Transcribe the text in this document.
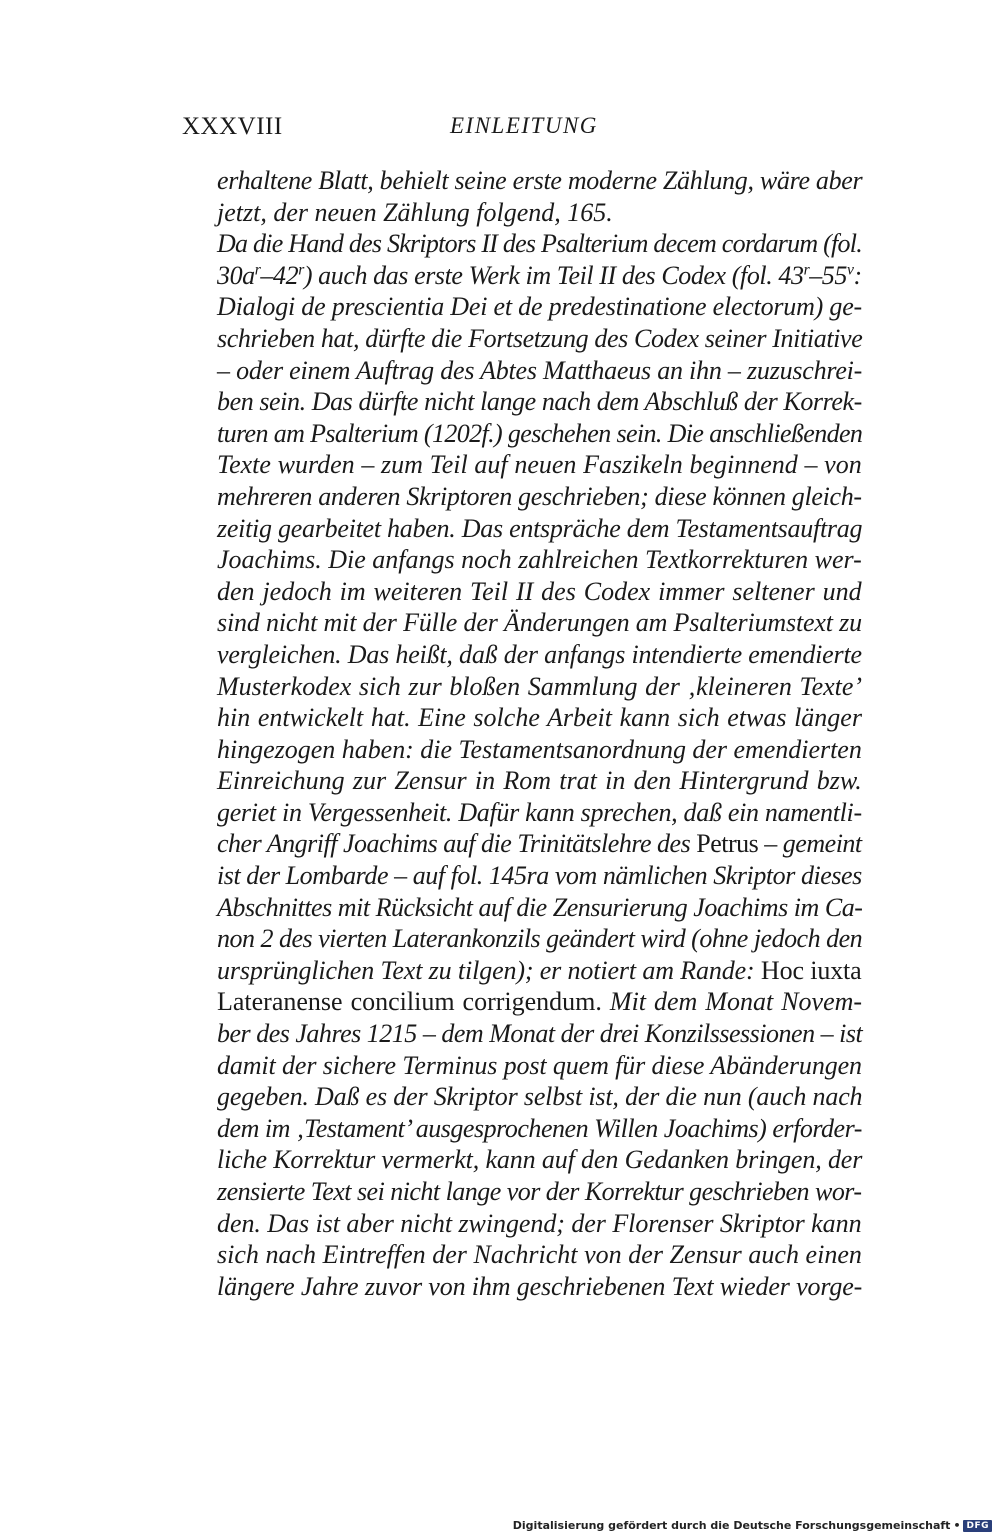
XXXVIII	EINLEITUNG
erhaltene Blatt, behielt seine erste moderne Zählung, wäre aber
jetzt, der neuen Zählung folgend, 165.
Da die Hand des Skriptors II des Psalterium decem cordarum (fol.
$30a^r-42^r$) auch das erste Werk im Teil II des Codex (fol. 43$^r$–55$^v$:
Dialogi de prescientia Dei et de predestinatione electorum) ge-
schrieben hat, dürfte die Fortsetzung des Codex seiner Initiative
– oder einem Auftrag des Abtes Matthaeus an ihn – zuzuschrei-
ben sein. Das dürfte nicht lange nach dem Abschluß der Korrek-
turen am Psalterium (1202f.) geschehen sein. Die anschließenden
Texte wurden – zum Teil auf neuen Faszikeln beginnend – von
mehreren anderen Skriptoren geschrieben; diese können gleich-
zeitig gearbeitet haben. Das entspräche dem Testamentsauftrag
Joachims. Die anfangs noch zahlreichen Textkorrekturen wer-
den jedoch im weiteren Teil II des Codex immer seltener und
sind nicht mit der Fülle der Änderungen am Psalteriumstext zu
vergleichen. Das heißt, daß der anfangs intendierte emendierte
Musterkodex sich zur bloßen Sammlung der ‚kleineren Texte’
hin entwickelt hat. Eine solche Arbeit kann sich etwas länger
hingezogen haben: die Testamentsanordnung der emendierten
Einreichung zur Zensur in Rom trat in den Hintergrund bzw.
geriet in Vergessenheit. Dafür kann sprechen, daß ein namentli-
cher Angriff Joachims auf die Trinitätslehre des Petrus – gemeint
ist der Lombarde – auf fol. 145ra vom nämlichen Skriptor dieses
Abschnittes mit Rücksicht auf die Zensurierung Joachims im Ca-
non 2 des vierten Laterankonzils geändert wird (ohne jedoch den
ursprünglichen Text zu tilgen); er notiert am Rande: Hoc iuxta
Lateranense concilium corrigendum. Mit dem Monat Novem-
ber des Jahres 1215 – dem Monat der drei Konzilssessionen – ist
damit der sichere Terminus post quem für diese Abänderungen
gegeben. Daß es der Skriptor selbst ist, der die nun (auch nach
dem im ‚Testament’ ausgesprochenen Willen Joachims) erforder-
liche Korrektur vermerkt, kann auf den Gedanken bringen, der
zensierte Text sei nicht lange vor der Korrektur geschrieben wor-
den. Das ist aber nicht zwingend; der Florenser Skriptor kann
sich nach Eintreffen der Nachricht von der Zensur auch einen
längere Jahre zuvor von ihm geschriebenen Text wieder vorge-
Digitalisierung gefördert durch die Deutsche Forschungsgemeinschaft • DFG
